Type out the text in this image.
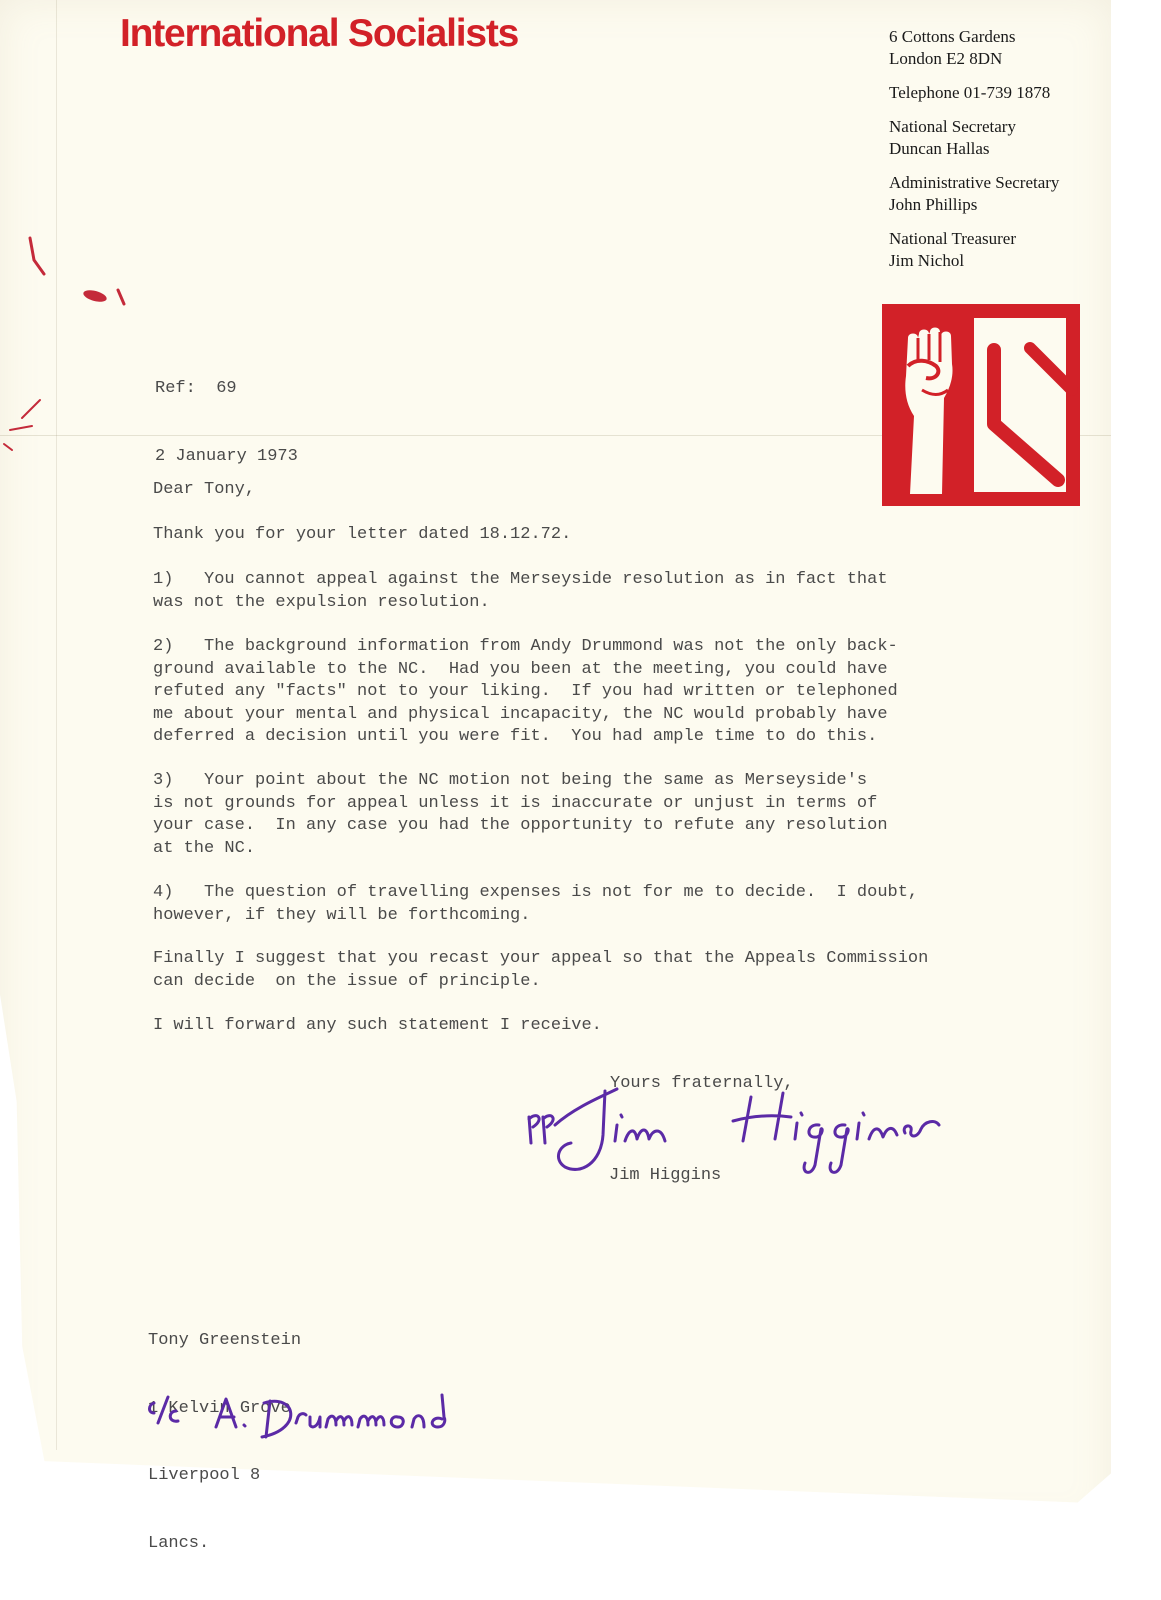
International Socialists	6 Cottons Gardens
London E2 8DN
Telephone 01-739 1878
National Secretary
Duncan Hallas
Administrative Secretary
John Phillips
National Treasurer
Jim Nichol

Ref:  69

2 January 1973

Dear Tony,
Thank you for your letter dated 18.12.72.
1)   You cannot appeal against the Merseyside resolution as in fact that
was not the expulsion resolution.
2)   The background information from Andy Drummond was not the only back-
ground available to the NC.  Had you been at the meeting, you could have
refuted any "facts" not to your liking.  If you had written or telephoned
me about your mental and physical incapacity, the NC would probably have
deferred a decision until you were fit.  You had ample time to do this.
3)   Your point about the NC motion not being the same as Merseyside's
is not grounds for appeal unless it is inaccurate or unjust in terms of
your case.  In any case you had the opportunity to refute any resolution
at the NC.
4)   The question of travelling expenses is not for me to decide.  I doubt,
however, if they will be forthcoming.
Finally I suggest that you recast your appeal so that the Appeals Commission
can decide  on the issue of principle.
I will forward any such statement I receive.
Yours fraternally,
Jim Higgins

Tony Greenstein

1 Kelvin Grove

Liverpool 8

Lancs.
